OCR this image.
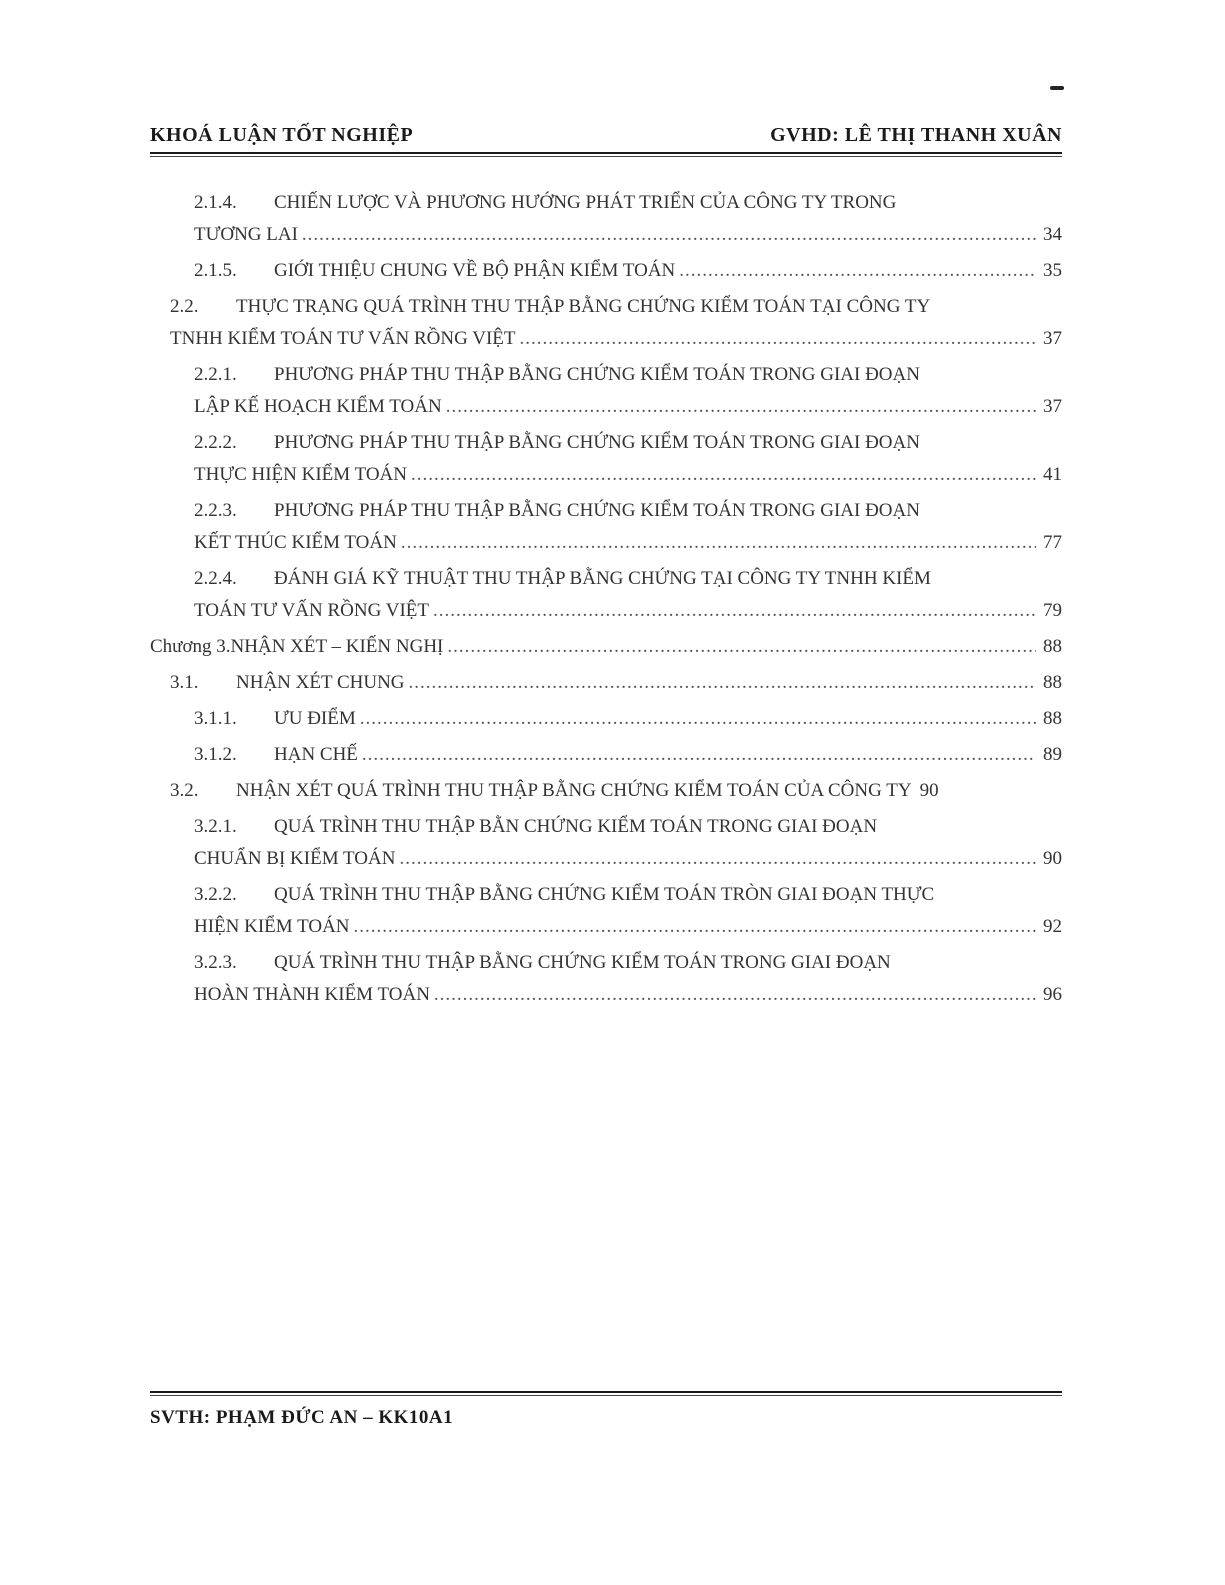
KHOÁ LUẬN TỐT NGHIỆP	GVHD: LÊ THỊ THANH XUÂN
2.1.4. CHIẾN LƯỢC VÀ PHƯƠNG HƯỚNG PHÁT TRIỂN CỦA CÔNG TY TRONG
TƯƠNG LAI .....	34
2.1.5. GIỚI THIỆU CHUNG VỀ BỘ PHẬN KIỂM TOÁN .....	35
2.2. THỰC TRẠNG QUÁ TRÌNH THU THẬP BẰNG CHỨNG KIỂM TOÁN TẠI CÔNG TY
TNHH KIỂM TOÁN TƯ VẤN RỒNG VIỆT .....	37
2.2.1. PHƯƠNG PHÁP THU THẬP BẰNG CHỨNG KIỂM TOÁN TRONG GIAI ĐOẠN
LẬP KẾ HOẠCH KIỂM TOÁN .....	37
2.2.2. PHƯƠNG PHÁP THU THẬP BẰNG CHỨNG KIỂM TOÁN TRONG GIAI ĐOẠN
THỰC HIỆN KIỂM TOÁN .....	41
2.2.3. PHƯƠNG PHÁP THU THẬP BẰNG CHỨNG KIỂM TOÁN TRONG GIAI ĐOẠN
KẾT THÚC KIỂM TOÁN .....	77
2.2.4. ĐÁNH GIÁ KỸ THUẬT THU THẬP BẰNG CHỨNG TẠI CÔNG TY TNHH KIỂM
TOÁN TƯ VẤN RỒNG VIỆT .....	79
Chương 3.NHẬN XÉT – KIẾN NGHỊ .....	88
3.1. NHẬN XÉT CHUNG .....	88
3.1.1. ƯU ĐIỂM .....	88
3.1.2. HẠN CHẾ .....	89
3.2. NHẬN XÉT QUÁ TRÌNH THU THẬP BẰNG CHỨNG KIỂM TOÁN CỦA CÔNG TY 90
3.2.1. QUÁ TRÌNH THU THẬP BẰN CHỨNG KIỂM TOÁN TRONG GIAI ĐOẠN
CHUẨN BỊ KIỂM TOÁN .....	90
3.2.2. QUÁ TRÌNH THU THẬP BẰNG CHỨNG KIỂM TOÁN TRÒN GIAI ĐOẠN THỰC
HIỆN KIỂM TOÁN .....	92
3.2.3. QUÁ TRÌNH THU THẬP BẰNG CHỨNG KIỂM TOÁN TRONG GIAI ĐOẠN
HOÀN THÀNH KIỂM TOÁN .....	96
SVTH: PHẠM ĐỨC AN – KK10A1
